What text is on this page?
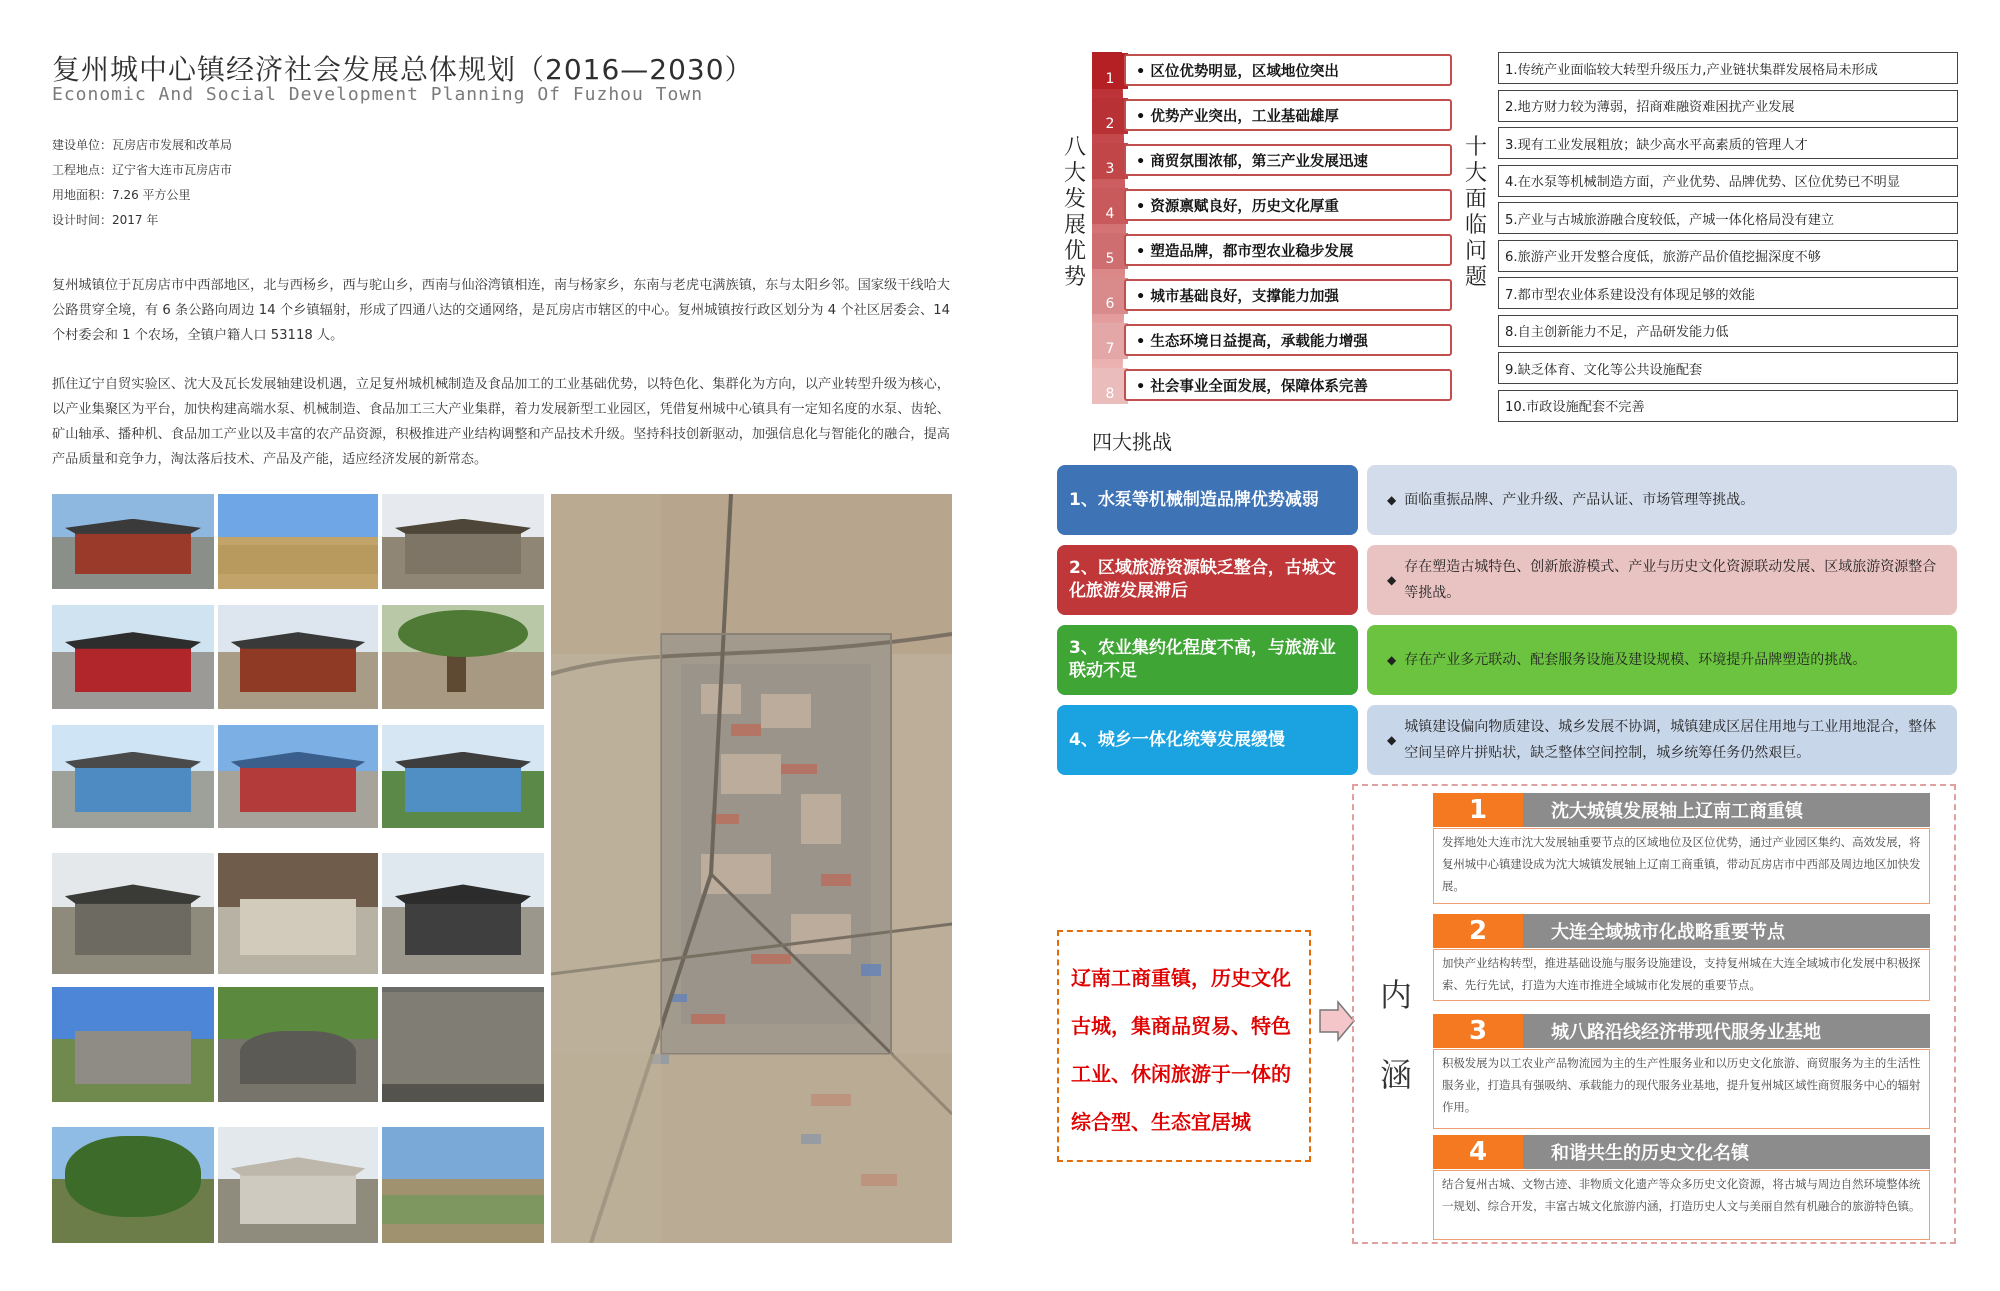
复州城中心镇经济社会发展总体规划（2016—2030）
Economic And Social Development Planning Of Fuzhou Town
建设单位：瓦房店市发展和改革局
工程地点：辽宁省大连市瓦房店市
用地面积：7.26 平方公里
设计时间：2017 年
复州城镇位于瓦房店市中西部地区，北与西杨乡，西与驼山乡，西南与仙浴湾镇相连，南与杨家乡，东南与老虎屯满族镇，东与太阳乡邻。国家级干线哈大公路贯穿全境，有 6 条公路向周边 14 个乡镇辐射，形成了四通八达的交通网络，是瓦房店市辖区的中心。复州城镇按行政区划分为 4 个社区居委会、14 个村委会和 1 个农场，全镇户籍人口 53118 人。
抓住辽宁自贸实验区、沈大及瓦长发展轴建设机遇，立足复州城机械制造及食品加工的工业基础优势，以特色化、集群化为方向，以产业转型升级为核心，以产业集聚区为平台，加快构建高端水泵、机械制造、食品加工三大产业集群，着力发展新型工业园区，凭借复州城中心镇具有一定知名度的水泵、齿轮、矿山轴承、播种机、食品加工产业以及丰富的农产品资源，积极推进产业结构调整和产品技术升级。坚持科技创新驱动，加强信息化与智能化的融合，提高产品质量和竞争力，淘汰落后技术、产品及产能，适应经济发展的新常态。
八大发展优势
十大面临问题
1	• 区位优势明显，区域地位突出
2	• 优势产业突出，工业基础雄厚
3	• 商贸氛围浓郁，第三产业发展迅速
4	• 资源禀赋良好，历史文化厚重
5	• 塑造品牌，都市型农业稳步发展
6	• 城市基础良好，支撑能力加强
7	• 生态环境日益提高，承载能力增强
8	• 社会事业全面发展，保障体系完善
1.传统产业面临较大转型升级压力,产业链状集群发展格局未形成
2.地方财力较为薄弱，招商难融资难困扰产业发展
3.现有工业发展粗放；缺少高水平高素质的管理人才
4.在水泵等机械制造方面，产业优势、品牌优势、区位优势已不明显
5.产业与古城旅游融合度较低，产城一体化格局没有建立
6.旅游产业开发整合度低，旅游产品价值挖掘深度不够
7.都市型农业体系建设没有体现足够的效能
8.自主创新能力不足，产品研发能力低
9.缺乏体育、文化等公共设施配套
10.市政设施配套不完善
四大挑战
1、水泵等机械制造品牌优势减弱	◆ 面临重振品牌、产业升级、产品认证、市场管理等挑战。
2、区域旅游资源缺乏整合，古城文化旅游发展滞后
◆
存在塑造古城特色、创新旅游模式、产业与历史文化资源联动发展、区域旅游资源整合等挑战。
3、农业集约化程度不高，与旅游业联动不足
◆ 存在产业多元联动、配套服务设施及建设规模、环境提升品牌塑造的挑战。
4、城乡一体化统筹发展缓慢	◆
城镇建设偏向物质建设、城乡发展不协调，城镇建成区居住用地与工业用地混合，整体空间呈碎片拼贴状，缺乏整体空间控制，城乡统筹任务仍然艰巨。
辽南工商重镇，历史文化古城，集商品贸易、特色工业、休闲旅游于一体的综合型、生态宜居城
内涵
1	沈大城镇发展轴上辽南工商重镇
发挥地处大连市沈大发展轴重要节点的区域地位及区位优势，通过产业园区集约、高效发展，将复州城中心镇建设成为沈大城镇发展轴上辽南工商重镇，带动瓦房店市中西部及周边地区加快发展。
2	大连全域城市化战略重要节点
加快产业结构转型，推进基础设施与服务设施建设，支持复州城在大连全域城市化发展中积极探索、先行先试，打造为大连市推进全域城市化发展的重要节点。
3	城八路沿线经济带现代服务业基地
积极发展为以工农业产品物流园为主的生产性服务业和以历史文化旅游、商贸服务为主的生活性服务业，打造具有强吸纳、承载能力的现代服务业基地，提升复州城区域性商贸服务中心的辐射作用。
4	和谐共生的历史文化名镇
结合复州古城、文物古迹、非物质文化遗产等众多历史文化资源，将古城与周边自然环境整体统一规划、综合开发，丰富古城文化旅游内涵，打造历史人文与美丽自然有机融合的旅游特色镇。
